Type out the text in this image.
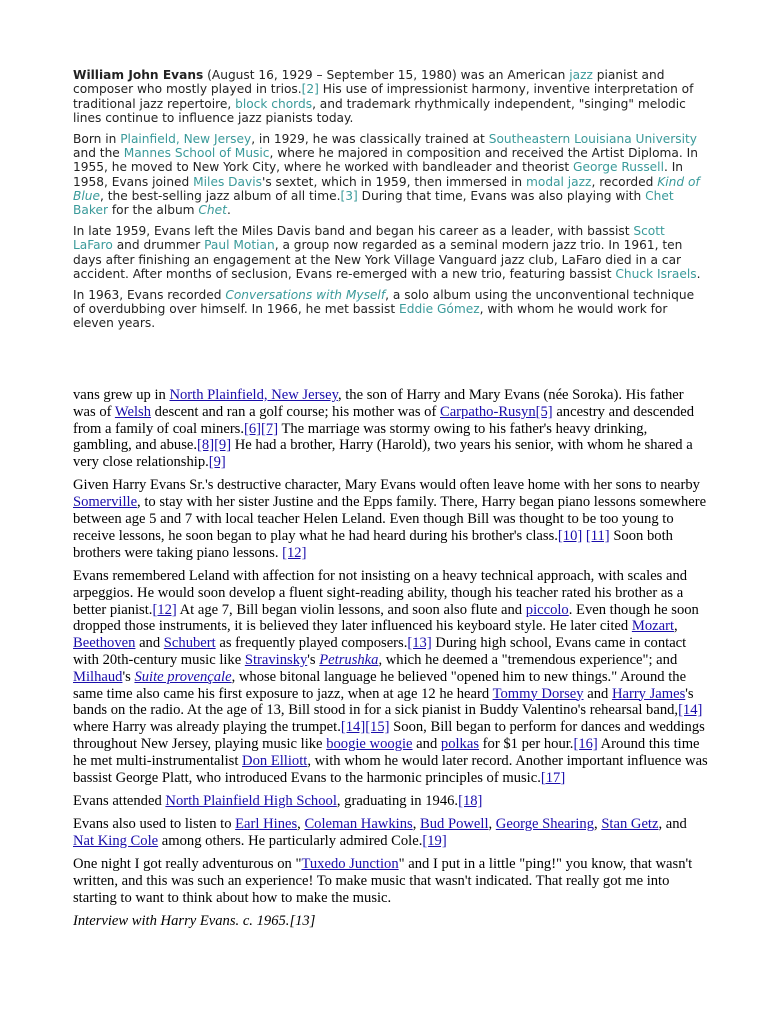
William John Evans (August 16, 1929 – September 15, 1980) was an American jazz pianist and composer who mostly played in trios.[2] His use of impressionist harmony, inventive interpretation of traditional jazz repertoire, block chords, and trademark rhythmically independent, "singing" melodic lines continue to influence jazz pianists today.

Born in Plainfield, New Jersey, in 1929, he was classically trained at Southeastern Louisiana University and the Mannes School of Music, where he majored in composition and received the Artist Diploma. In 1955, he moved to New York City, where he worked with bandleader and theorist George Russell. In 1958, Evans joined Miles Davis's sextet, which in 1959, then immersed in modal jazz, recorded Kind of Blue, the best-selling jazz album of all time.[3] During that time, Evans was also playing with Chet Baker for the album Chet.

In late 1959, Evans left the Miles Davis band and began his career as a leader, with bassist Scott LaFaro and drummer Paul Motian, a group now regarded as a seminal modern jazz trio. In 1961, ten days after finishing an engagement at the New York Village Vanguard jazz club, LaFaro died in a car accident. After months of seclusion, Evans re-emerged with a new trio, featuring bassist Chuck Israels.

In 1963, Evans recorded Conversations with Myself, a solo album using the unconventional technique of overdubbing over himself. In 1966, he met bassist Eddie Gómez, with whom he would work for eleven years.

vans grew up in North Plainfield, New Jersey, the son of Harry and Mary Evans (née Soroka). His father was of Welsh descent and ran a golf course; his mother was of Carpatho-Rusyn[5] ancestry and descended from a family of coal miners.[6][7] The marriage was stormy owing to his father's heavy drinking, gambling, and abuse.[8][9] He had a brother, Harry (Harold), two years his senior, with whom he shared a very close relationship.[9]

Given Harry Evans Sr.'s destructive character, Mary Evans would often leave home with her sons to nearby Somerville, to stay with her sister Justine and the Epps family. There, Harry began piano lessons somewhere between age 5 and 7 with local teacher Helen Leland. Even though Bill was thought to be too young to receive lessons, he soon began to play what he had heard during his brother's class.[10] [11] Soon both brothers were taking piano lessons. [12]

Evans remembered Leland with affection for not insisting on a heavy technical approach, with scales and arpeggios. He would soon develop a fluent sight-reading ability, though his teacher rated his brother as a better pianist.[12] At age 7, Bill began violin lessons, and soon also flute and piccolo. Even though he soon dropped those instruments, it is believed they later influenced his keyboard style. He later cited Mozart, Beethoven and Schubert as frequently played composers.[13] During high school, Evans came in contact with 20th-century music like Stravinsky's Petrushka, which he deemed a "tremendous experience"; and Milhaud's Suite provençale, whose bitonal language he believed "opened him to new things." Around the same time also came his first exposure to jazz, when at age 12 he heard Tommy Dorsey and Harry James's bands on the radio. At the age of 13, Bill stood in for a sick pianist in Buddy Valentino's rehearsal band,[14] where Harry was already playing the trumpet.[14][15] Soon, Bill began to perform for dances and weddings throughout New Jersey, playing music like boogie woogie and polkas for $1 per hour.[16] Around this time he met multi-instrumentalist Don Elliott, with whom he would later record. Another important influence was bassist George Platt, who introduced Evans to the harmonic principles of music.[17]

Evans attended North Plainfield High School, graduating in 1946.[18]

Evans also used to listen to Earl Hines, Coleman Hawkins, Bud Powell, George Shearing, Stan Getz, and Nat King Cole among others. He particularly admired Cole.[19]

One night I got really adventurous on "Tuxedo Junction" and I put in a little "ping!" you know, that wasn't written, and this was such an experience! To make music that wasn't indicated. That really got me into starting to want to think about how to make the music.

Interview with Harry Evans. c. 1965.[13]
